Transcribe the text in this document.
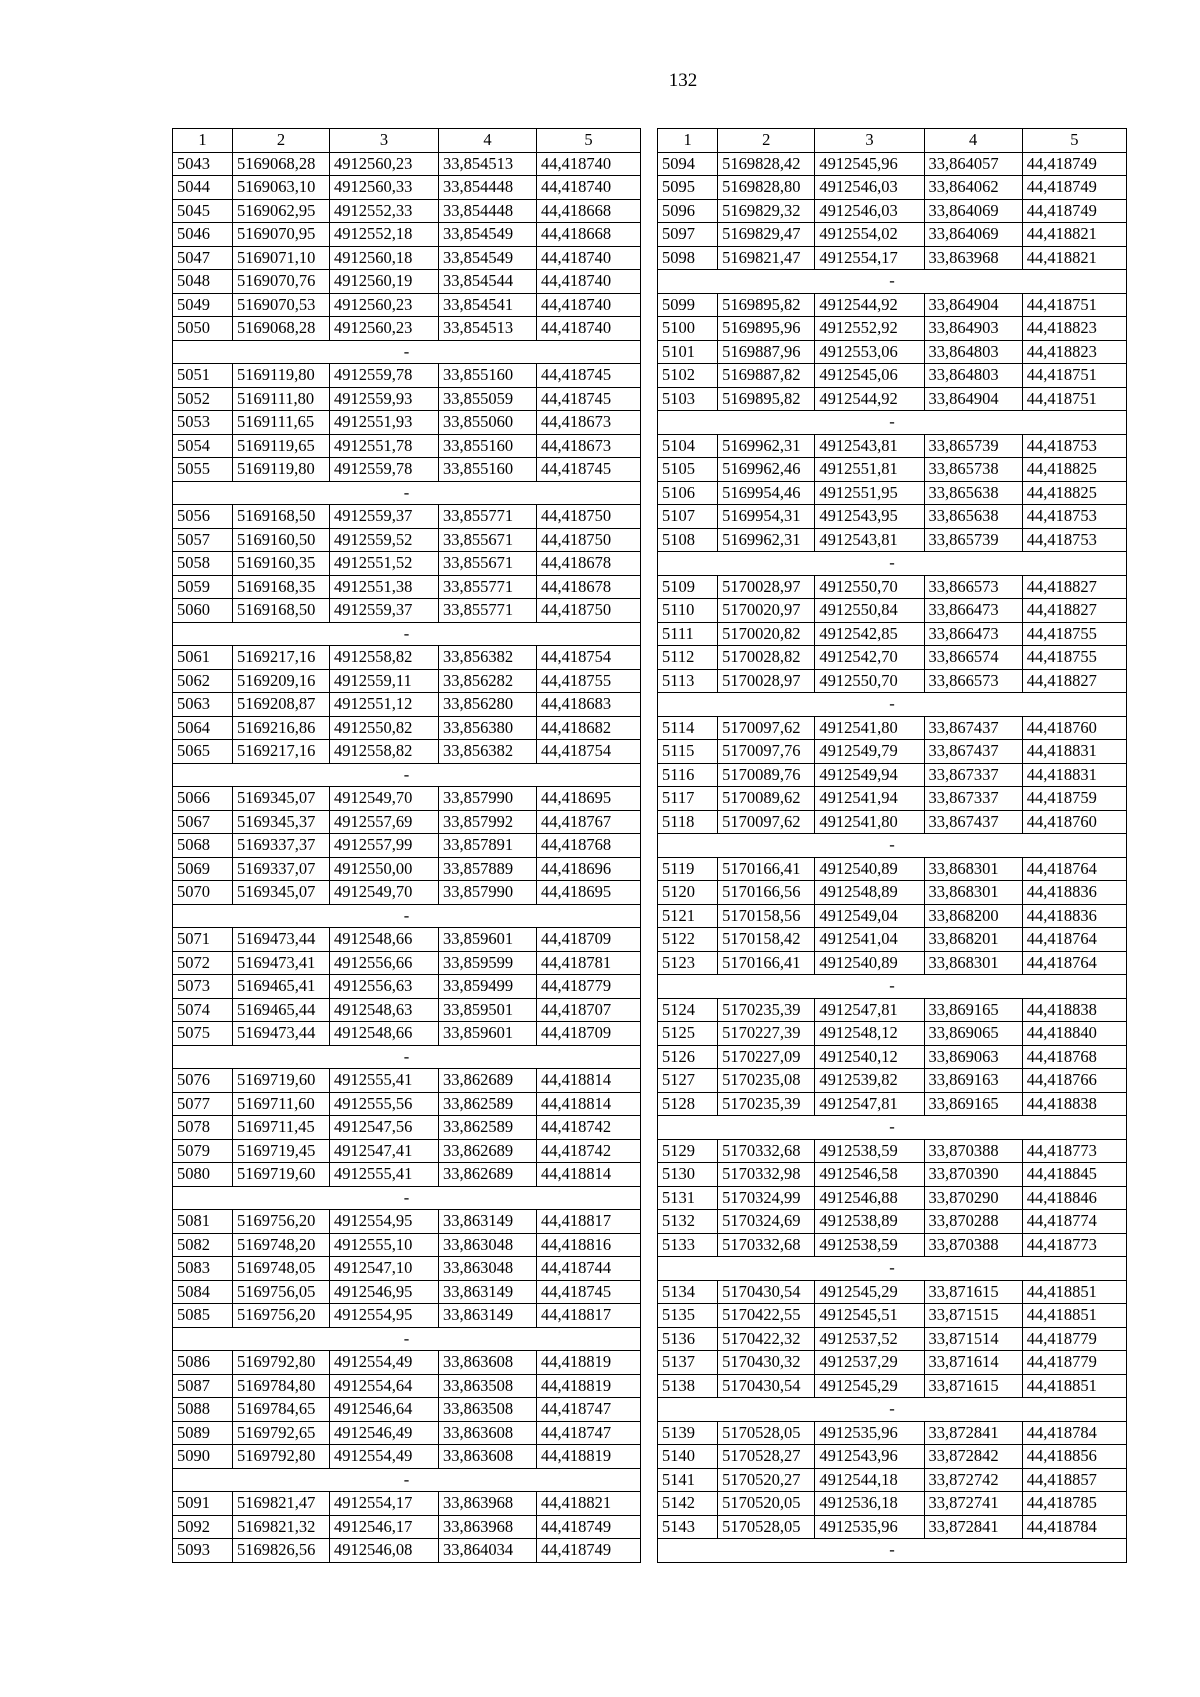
132
1	2	3	4	5
5043	5169068,28	4912560,23	33,854513	44,418740
5044	5169063,10	4912560,33	33,854448	44,418740
5045	5169062,95	4912552,33	33,854448	44,418668
5046	5169070,95	4912552,18	33,854549	44,418668
5047	5169071,10	4912560,18	33,854549	44,418740
5048	5169070,76	4912560,19	33,854544	44,418740
5049	5169070,53	4912560,23	33,854541	44,418740
5050	5169068,28	4912560,23	33,854513	44,418740
-				
5051	5169119,80	4912559,78	33,855160	44,418745
5052	5169111,80	4912559,93	33,855059	44,418745
5053	5169111,65	4912551,93	33,855060	44,418673
5054	5169119,65	4912551,78	33,855160	44,418673
5055	5169119,80	4912559,78	33,855160	44,418745
-				
5056	5169168,50	4912559,37	33,855771	44,418750
5057	5169160,50	4912559,52	33,855671	44,418750
5058	5169160,35	4912551,52	33,855671	44,418678
5059	5169168,35	4912551,38	33,855771	44,418678
5060	5169168,50	4912559,37	33,855771	44,418750
-				
5061	5169217,16	4912558,82	33,856382	44,418754
5062	5169209,16	4912559,11	33,856282	44,418755
5063	5169208,87	4912551,12	33,856280	44,418683
5064	5169216,86	4912550,82	33,856380	44,418682
5065	5169217,16	4912558,82	33,856382	44,418754
-				
5066	5169345,07	4912549,70	33,857990	44,418695
5067	5169345,37	4912557,69	33,857992	44,418767
5068	5169337,37	4912557,99	33,857891	44,418768
5069	5169337,07	4912550,00	33,857889	44,418696
5070	5169345,07	4912549,70	33,857990	44,418695
-				
5071	5169473,44	4912548,66	33,859601	44,418709
5072	5169473,41	4912556,66	33,859599	44,418781
5073	5169465,41	4912556,63	33,859499	44,418779
5074	5169465,44	4912548,63	33,859501	44,418707
5075	5169473,44	4912548,66	33,859601	44,418709
-				
5076	5169719,60	4912555,41	33,862689	44,418814
5077	5169711,60	4912555,56	33,862589	44,418814
5078	5169711,45	4912547,56	33,862589	44,418742
5079	5169719,45	4912547,41	33,862689	44,418742
5080	5169719,60	4912555,41	33,862689	44,418814
-				
5081	5169756,20	4912554,95	33,863149	44,418817
5082	5169748,20	4912555,10	33,863048	44,418816
5083	5169748,05	4912547,10	33,863048	44,418744
5084	5169756,05	4912546,95	33,863149	44,418745
5085	5169756,20	4912554,95	33,863149	44,418817
-				
5086	5169792,80	4912554,49	33,863608	44,418819
5087	5169784,80	4912554,64	33,863508	44,418819
5088	5169784,65	4912546,64	33,863508	44,418747
5089	5169792,65	4912546,49	33,863608	44,418747
5090	5169792,80	4912554,49	33,863608	44,418819
-				
5091	5169821,47	4912554,17	33,863968	44,418821
5092	5169821,32	4912546,17	33,863968	44,418749
5093	5169826,56	4912546,08	33,864034	44,418749
1	2	3	4	5
5094	5169828,42	4912545,96	33,864057	44,418749
5095	5169828,80	4912546,03	33,864062	44,418749
5096	5169829,32	4912546,03	33,864069	44,418749
5097	5169829,47	4912554,02	33,864069	44,418821
5098	5169821,47	4912554,17	33,863968	44,418821
-				
5099	5169895,82	4912544,92	33,864904	44,418751
5100	5169895,96	4912552,92	33,864903	44,418823
5101	5169887,96	4912553,06	33,864803	44,418823
5102	5169887,82	4912545,06	33,864803	44,418751
5103	5169895,82	4912544,92	33,864904	44,418751
-				
5104	5169962,31	4912543,81	33,865739	44,418753
5105	5169962,46	4912551,81	33,865738	44,418825
5106	5169954,46	4912551,95	33,865638	44,418825
5107	5169954,31	4912543,95	33,865638	44,418753
5108	5169962,31	4912543,81	33,865739	44,418753
-				
5109	5170028,97	4912550,70	33,866573	44,418827
5110	5170020,97	4912550,84	33,866473	44,418827
5111	5170020,82	4912542,85	33,866473	44,418755
5112	5170028,82	4912542,70	33,866574	44,418755
5113	5170028,97	4912550,70	33,866573	44,418827
-				
5114	5170097,62	4912541,80	33,867437	44,418760
5115	5170097,76	4912549,79	33,867437	44,418831
5116	5170089,76	4912549,94	33,867337	44,418831
5117	5170089,62	4912541,94	33,867337	44,418759
5118	5170097,62	4912541,80	33,867437	44,418760
-				
5119	5170166,41	4912540,89	33,868301	44,418764
5120	5170166,56	4912548,89	33,868301	44,418836
5121	5170158,56	4912549,04	33,868200	44,418836
5122	5170158,42	4912541,04	33,868201	44,418764
5123	5170166,41	4912540,89	33,868301	44,418764
-				
5124	5170235,39	4912547,81	33,869165	44,418838
5125	5170227,39	4912548,12	33,869065	44,418840
5126	5170227,09	4912540,12	33,869063	44,418768
5127	5170235,08	4912539,82	33,869163	44,418766
5128	5170235,39	4912547,81	33,869165	44,418838
-				
5129	5170332,68	4912538,59	33,870388	44,418773
5130	5170332,98	4912546,58	33,870390	44,418845
5131	5170324,99	4912546,88	33,870290	44,418846
5132	5170324,69	4912538,89	33,870288	44,418774
5133	5170332,68	4912538,59	33,870388	44,418773
-				
5134	5170430,54	4912545,29	33,871615	44,418851
5135	5170422,55	4912545,51	33,871515	44,418851
5136	5170422,32	4912537,52	33,871514	44,418779
5137	5170430,32	4912537,29	33,871614	44,418779
5138	5170430,54	4912545,29	33,871615	44,418851
-				
5139	5170528,05	4912535,96	33,872841	44,418784
5140	5170528,27	4912543,96	33,872842	44,418856
5141	5170520,27	4912544,18	33,872742	44,418857
5142	5170520,05	4912536,18	33,872741	44,418785
5143	5170528,05	4912535,96	33,872841	44,418784
-				
